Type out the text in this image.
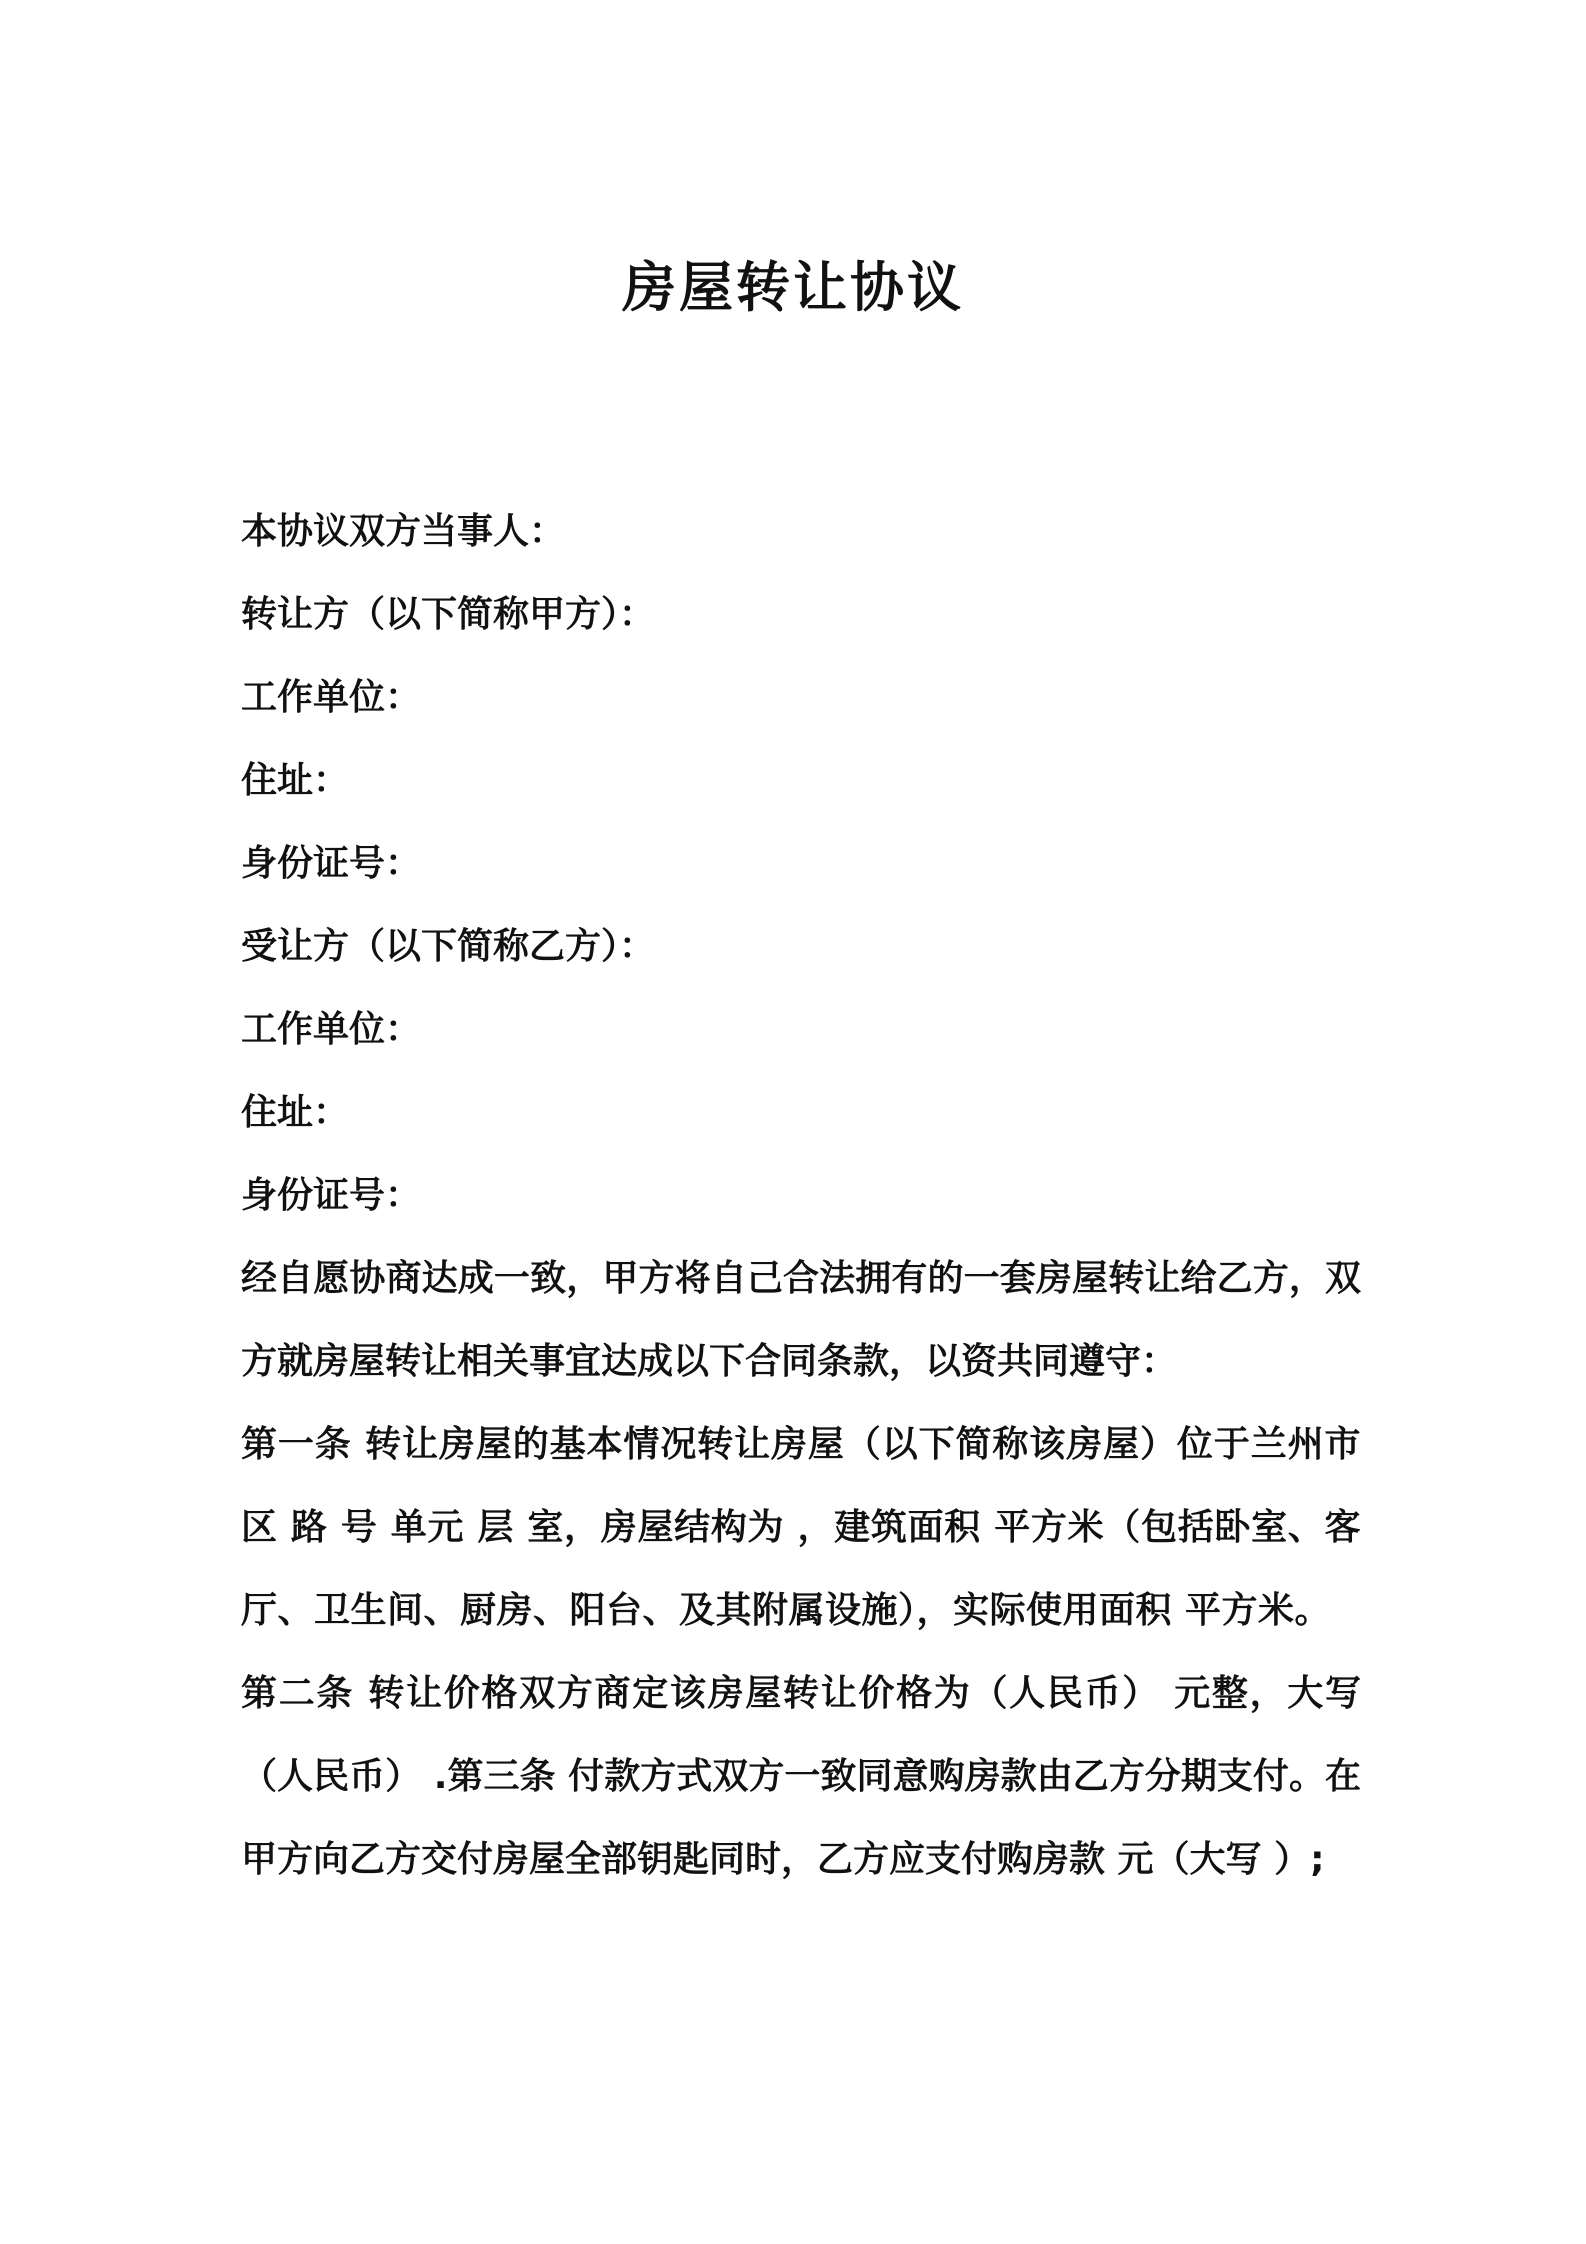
房屋转让协议
本协议双方当事人：
转让方（以下简称甲方）：
工作单位：
住址：
身份证号：
受让方（以下简称乙方）：
工作单位：
住址：
身份证号：
经自愿协商达成一致，甲方将自己合法拥有的一套房屋转让给乙方，双方就房屋转让相关事宜达成以下合同条款，以资共同遵守：
第一条 转让房屋的基本情况转让房屋（以下简称该房屋）位于兰州市 区 路 号 单元 层 室，房屋结构为 ，建筑面积 平方米（包括卧室、客厅、卫生间、厨房、阳台、及其附属设施），实际使用面积 平方米。
第二条 转让价格双方商定该房屋转让价格为（人民币） 元整，大写（人民币） .第三条 付款方式双方一致同意购房款由乙方分期支付。在甲方向乙方交付房屋全部钥匙同时，乙方应支付购房款 元（大写 ）;
